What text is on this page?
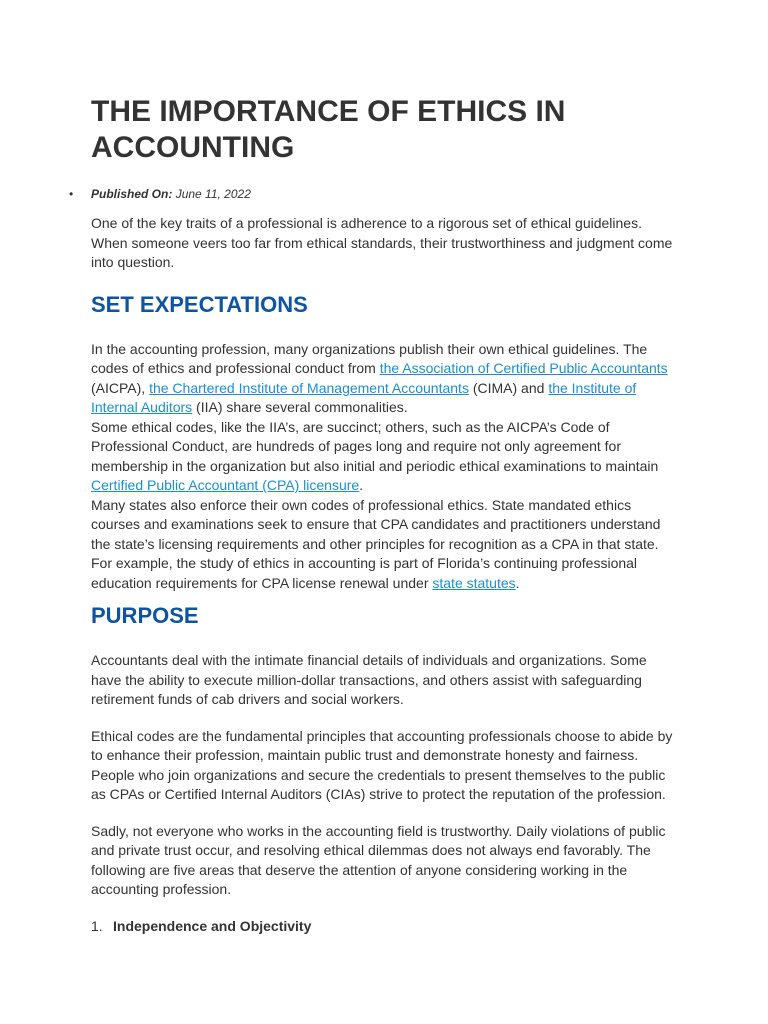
THE IMPORTANCE OF ETHICS IN ACCOUNTING
• Published On: June 11, 2022

One of the key traits of a professional is adherence to a rigorous set of ethical guidelines. When someone veers too far from ethical standards, their trustworthiness and judgment come into question.

SET EXPECTATIONS

In the accounting profession, many organizations publish their own ethical guidelines. The codes of ethics and professional conduct from the Association of Certified Public Accountants (AICPA), the Chartered Institute of Management Accountants (CIMA) and the Institute of Internal Auditors (IIA) share several commonalities.

Some ethical codes, like the IIA’s, are succinct; others, such as the AICPA’s Code of Professional Conduct, are hundreds of pages long and require not only agreement for membership in the organization but also initial and periodic ethical examinations to maintain Certified Public Accountant (CPA) licensure.

Many states also enforce their own codes of professional ethics. State mandated ethics courses and examinations seek to ensure that CPA candidates and practitioners understand the state’s licensing requirements and other principles for recognition as a CPA in that state. For example, the study of ethics in accounting is part of Florida’s continuing professional education requirements for CPA license renewal under state statutes.

PURPOSE

Accountants deal with the intimate financial details of individuals and organizations. Some have the ability to execute million-dollar transactions, and others assist with safeguarding retirement funds of cab drivers and social workers.

Ethical codes are the fundamental principles that accounting professionals choose to abide by to enhance their profession, maintain public trust and demonstrate honesty and fairness. People who join organizations and secure the credentials to present themselves to the public as CPAs or Certified Internal Auditors (CIAs) strive to protect the reputation of the profession.

Sadly, not everyone who works in the accounting field is trustworthy. Daily violations of public and private trust occur, and resolving ethical dilemmas does not always end favorably. The following are five areas that deserve the attention of anyone considering working in the accounting profession.

1. Independence and Objectivity
